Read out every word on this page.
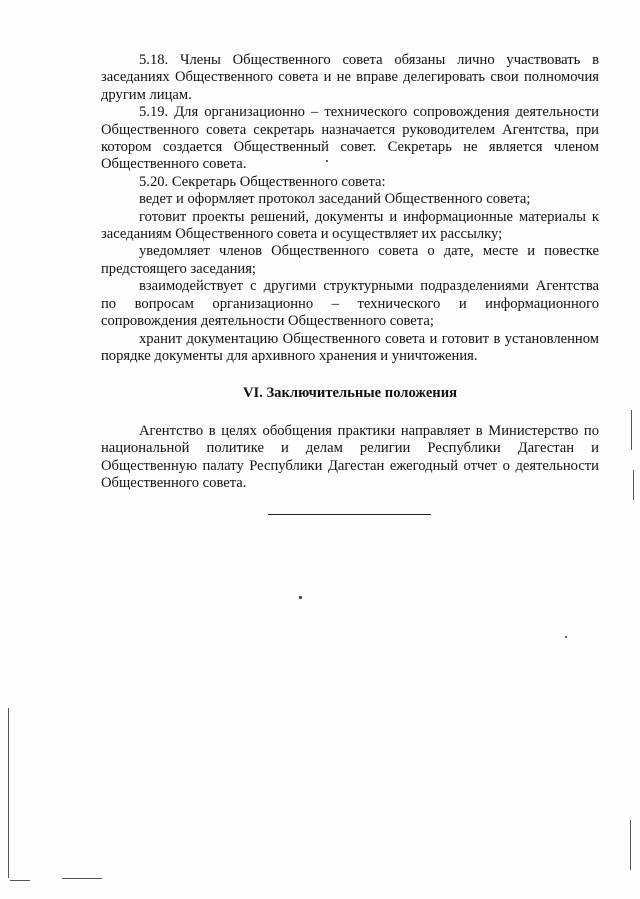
5.18. Члены Общественного совета обязаны лично участвовать в заседаниях Общественного совета и не вправе делегировать свои полномочия другим лицам.

5.19. Для организационно – технического сопровождения деятельности Общественного совета секретарь назначается руководителем Агентства, при котором создается Общественный совет. Секретарь не является членом Общественного совета.

5.20. Секретарь Общественного совета:

ведет и оформляет протокол заседаний Общественного совета;

готовит проекты решений, документы и информационные материалы к заседаниям Общественного совета и осуществляет их рассылку;

уведомляет членов Общественного совета о дате, месте и повестке предстоящего заседания;

взаимодействует с другими структурными подразделениями Агентства по вопросам организационно – технического и информационного сопровождения деятельности Общественного совета;

хранит документацию Общественного совета и готовит в установленном порядке документы для архивного хранения и уничтожения.

VI. Заключительные положения

Агентство в целях обобщения практики направляет в Министерство по национальной политике и делам религии Республики Дагестан и Общественную палату Республики Дагестан ежегодный отчет о деятельности Общественного совета.
